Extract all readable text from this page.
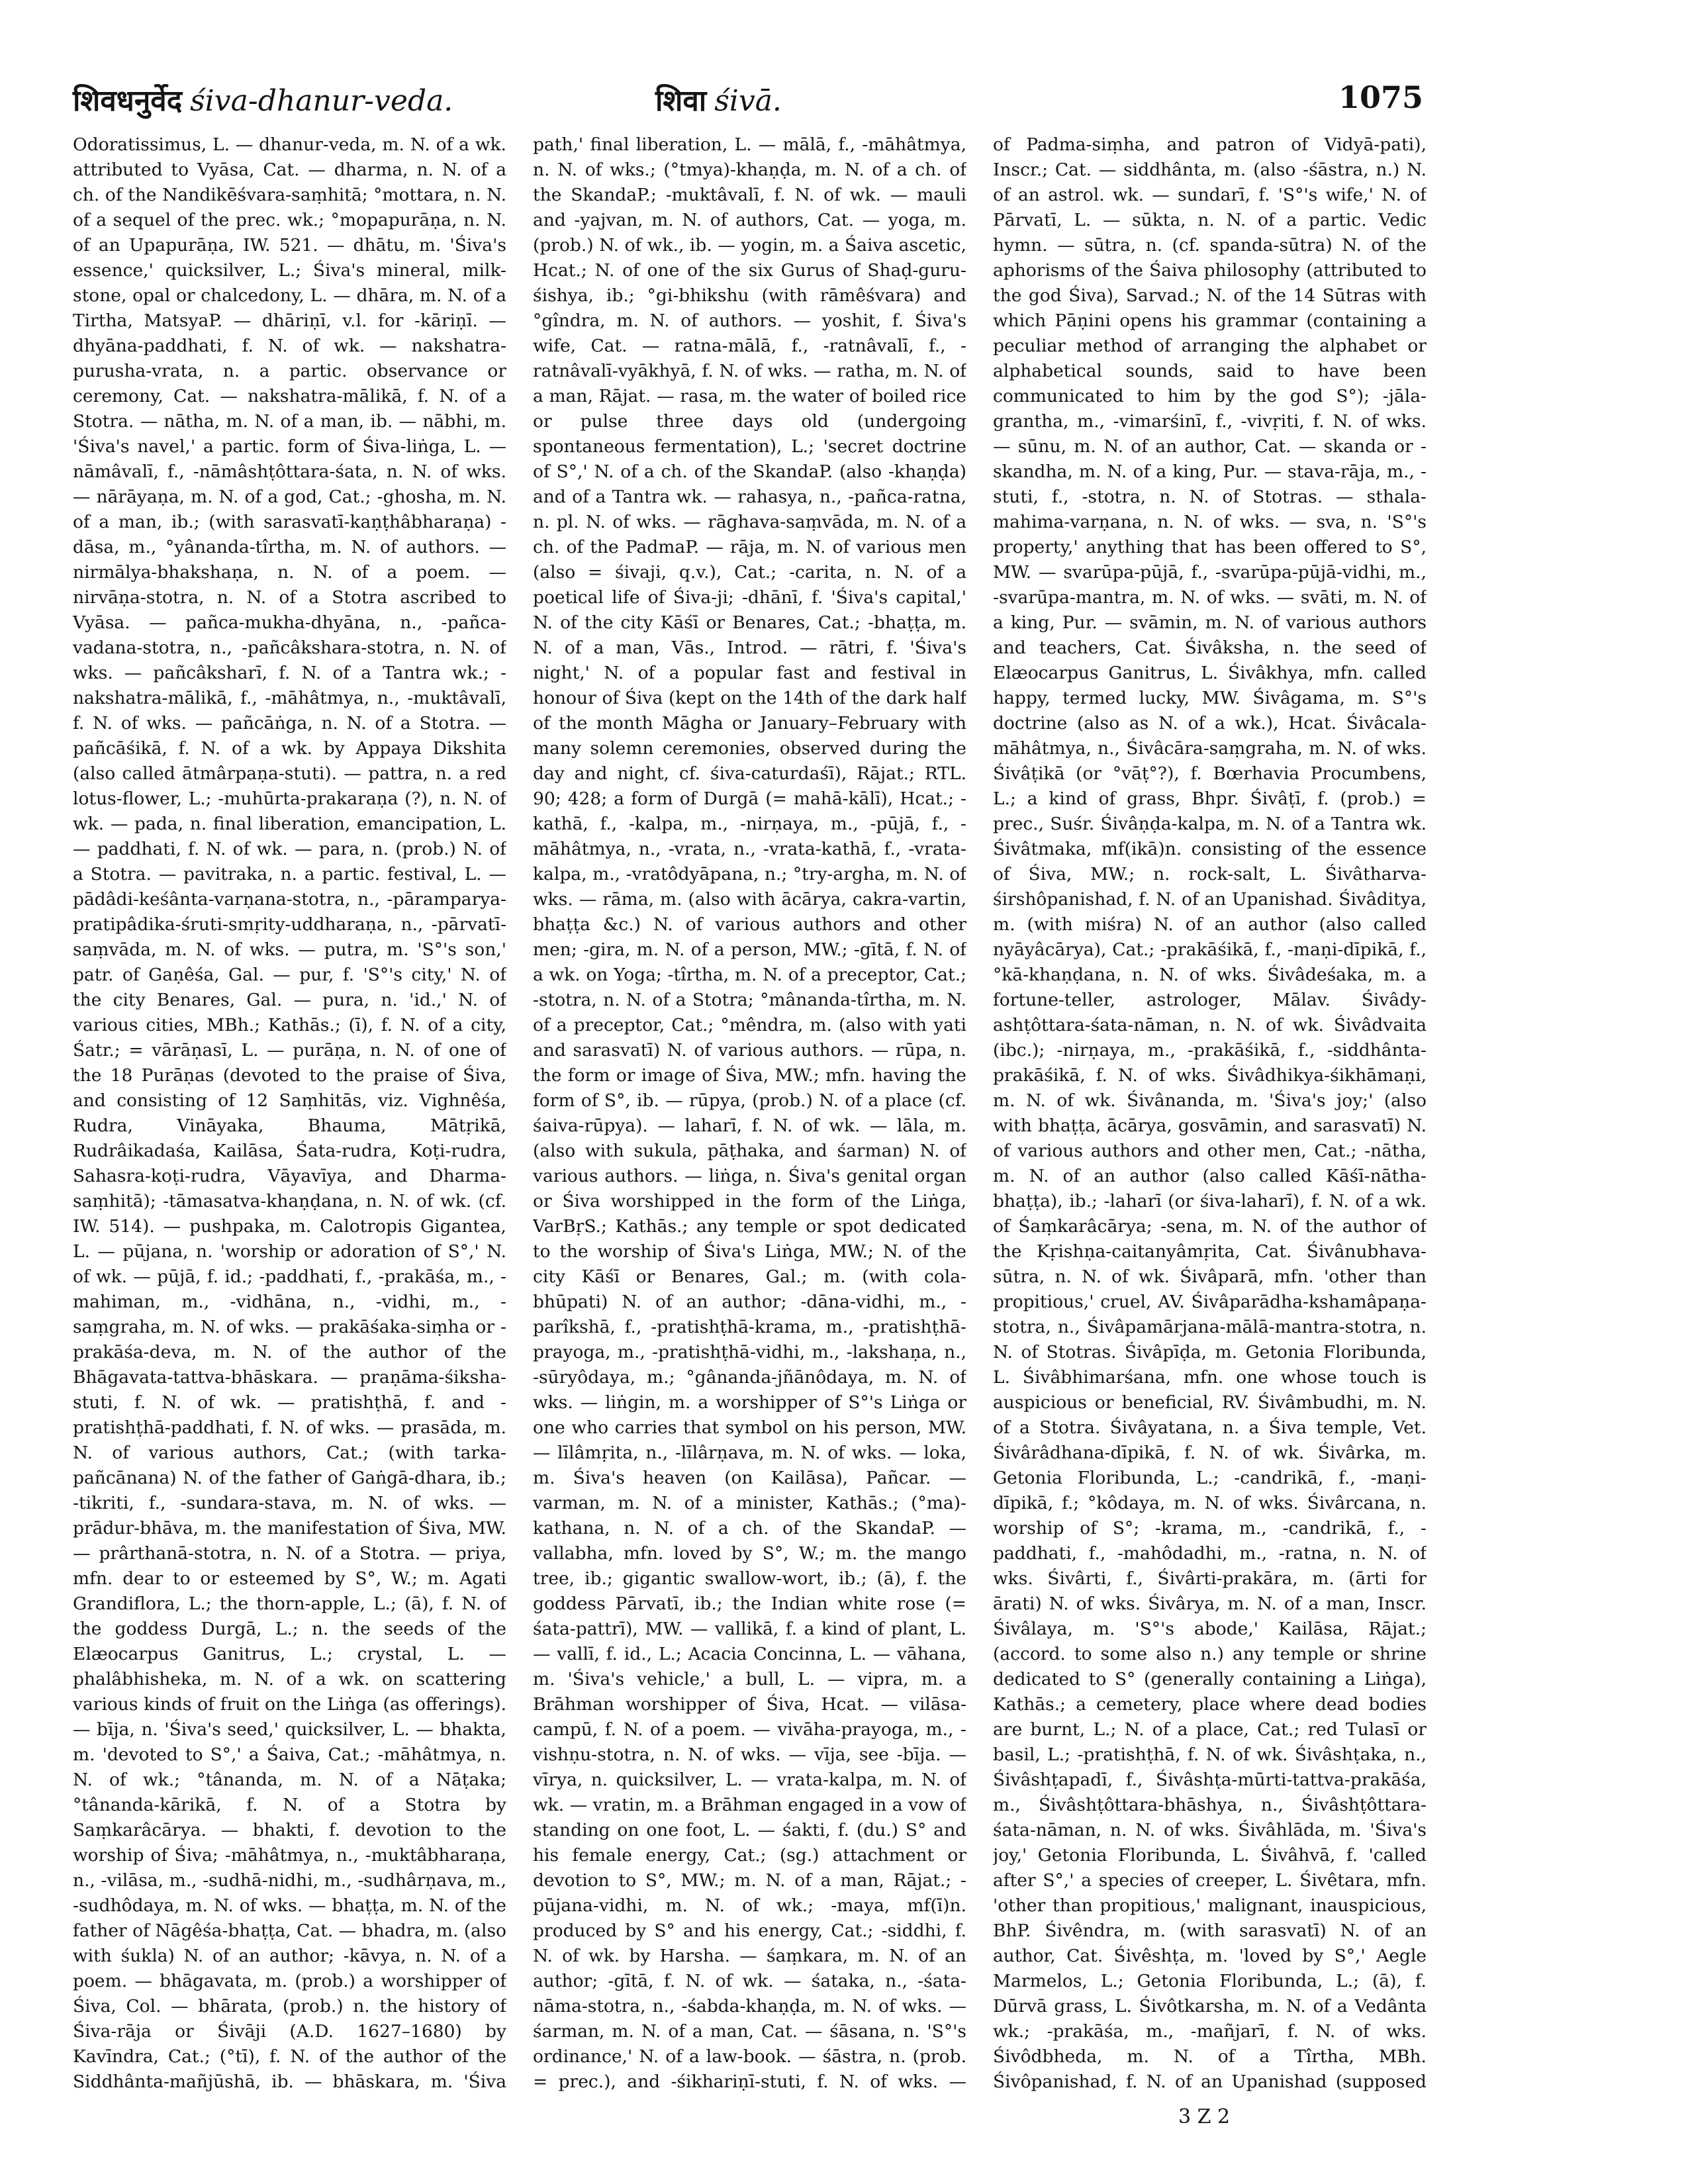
शिवधनुर्वेद śiva-dhanur-veda.	शिवा śivā.	1075

Odoratissimus, L. — dhanur-veda, m. N. of a wk. attributed to Vyāsa, Cat. — dharma, n. N. of a ch. of the Nandikēśvara-saṃhitā; °mottara, n. N. of a sequel of the prec. wk.; °mopapurāṇa, n. N. of an Upapurāṇa, IW. 521. — dhātu, m. 'Śiva's essence,' quicksilver, L.; Śiva's mineral, milk-stone, opal or chalcedony, L. — dhāra, m. N. of a Tirtha, MatsyaP. — dhāriṇī, v.l. for -kāriṇī. — dhyāna-paddhati, f. N. of wk. — nakshatra-purusha-vrata, n. a partic. observance or ceremony, Cat. — nakshatra-mālikā, f. N. of a Stotra. — nātha, m. N. of a man, ib. — nābhi, m. 'Śiva's navel,' a partic. form of Śiva-liṅga, L. — nāmâvalī, f., -nāmâshṭôttara-śata, n. N. of wks. — nārāyaṇa, m. N. of a god, Cat.; -ghosha, m. N. of a man, ib.; (with sarasvatī-kaṇṭhâbharaṇa) -dāsa, m., °yânanda-tîrtha, m. N. of authors. — nirmālya-bhakshaṇa, n. N. of a poem. — nirvāṇa-stotra, n. N. of a Stotra ascribed to Vyāsa. — pañca-mukha-dhyāna, n., -pañca-vadana-stotra, n., -pañcâkshara-stotra, n. N. of wks. — pañcâksharī, f. N. of a Tantra wk.; -nakshatra-mālikā, f., -māhâtmya, n., -muktâvalī, f. N. of wks. — pañcāṅga, n. N. of a Stotra. — pañcāśikā, f. N. of a wk. by Appaya Dikshita (also called ātmârpaṇa-stuti). — pattra, n. a red lotus-flower, L.; -muhūrta-prakaraṇa (?), n. N. of wk. — pada, n. final liberation, emancipation, L. — paddhati, f. N. of wk. — para, n. (prob.) N. of a Stotra. — pavitraka, n. a partic. festival, L. — pādâdi-keśânta-varṇana-stotra, n., -pāramparya-pratipâdika-śruti-smṛity-uddharaṇa, n., -pārvatī-saṃvāda, m. N. of wks. — putra, m. 'S°'s son,' patr. of Gaṇêśa, Gal. — pur, f. 'S°'s city,' N. of the city Benares, Gal. — pura, n. 'id.,' N. of various cities, MBh.; Kathās.; (ī), f. N. of a city, Śatr.; = vārāṇasī, L. — purāṇa, n. N. of one of the 18 Purāṇas (devoted to the praise of Śiva, and consisting of 12 Saṃhitās, viz. Vighnêśa, Rudra, Vināyaka, Bhauma, Mātṛikā, Rudrâikadaśa, Kailāsa, Śata-rudra, Koṭi-rudra, Sahasra-koṭi-rudra, Vāyavīya, and Dharma-saṃhitā); -tāmasatva-khaṇḍana, n. N. of wk. (cf. IW. 514). — pushpaka, m. Calotropis Gigantea, L. — pūjana, n. 'worship or adoration of S°,' N. of wk. — pūjā, f. id.; -paddhati, f., -prakāśa, m., -mahiman, m., -vidhāna, n., -vidhi, m., -saṃgraha, m. N. of wks. — prakāśaka-siṃha or -prakāśa-deva, m. N. of the author of the Bhāgavata-tattva-bhāskara. — praṇāma-śiksha-stuti, f. N. of wk. — pratishṭhā, f. and -pratishṭhā-paddhati, f. N. of wks. — prasāda, m. N. of various authors, Cat.; (with tarka-pañcānana) N. of the father of Gaṅgā-dhara, ib.; -tikriti, f., -sundara-stava, m. N. of wks. — prādur-bhāva, m. the manifestation of Śiva, MW. — prârthanā-stotra, n. N. of a Stotra. — priya, mfn. dear to or esteemed by S°, W.; m. Agati Grandiflora, L.; the thorn-apple, L.; (ā), f. N. of the goddess Durgā, L.; n. the seeds of the Elæocarpus Ganitrus, L.; crystal, L. — phalâbhisheka, m. N. of a wk. on scattering various kinds of fruit on the Liṅga (as offerings). — bīja, n. 'Śiva's seed,' quicksilver, L. — bhakta, m. 'devoted to S°,' a Śaiva, Cat.; -māhâtmya, n. N. of wk.; °tânanda, m. N. of a Nāṭaka; °tânanda-kārikā, f. N. of a Stotra by Saṃkarâcārya. — bhakti, f. devotion to the worship of Śiva; -māhâtmya, n., -muktâbharaṇa, n., -vilāsa, m., -sudhā-nidhi, m., -sudhârṇava, m., -sudhôdaya, m. N. of wks. — bhaṭṭa, m. N. of the father of Nāgêśa-bhaṭṭa, Cat. — bhadra, m. (also with śukla) N. of an author; -kāvya, n. N. of a poem. — bhāgavata, m. (prob.) a worshipper of Śiva, Col. — bhārata, (prob.) n. the history of Śiva-rāja or Śivāji (A.D. 1627–1680) by Kavīndra, Cat.; (°tī), f. N. of the author of the Siddhânta-mañjūshā, ib. — bhāskara, m. 'Śiva

path,' final liberation, L. — mālā, f., -māhâtmya, n. N. of wks.; (°tmya)-khaṇḍa, m. N. of a ch. of the SkandaP.; -muktâvalī, f. N. of wk. — mauli and -yajvan, m. N. of authors, Cat. — yoga, m. (prob.) N. of wk., ib. — yogin, m. a Śaiva ascetic, Hcat.; N. of one of the six Gurus of Shaḍ-guru-śishya, ib.; °gi-bhikshu (with rāmêśvara) and °gîndra, m. N. of authors. — yoshit, f. Śiva's wife, Cat. — ratna-mālā, f., -ratnâvalī, f., -ratnâvalī-vyākhyā, f. N. of wks. — ratha, m. N. of a man, Rājat. — rasa, m. the water of boiled rice or pulse three days old (undergoing spontaneous fermentation), L.; 'secret doctrine of S°,' N. of a ch. of the SkandaP. (also -khaṇḍa) and of a Tantra wk. — rahasya, n., -pañca-ratna, n. pl. N. of wks. — rāghava-saṃvāda, m. N. of a ch. of the PadmaP. — rāja, m. N. of various men (also = śivaji, q.v.), Cat.; -carita, n. N. of a poetical life of Śiva-ji; -dhānī, f. 'Śiva's capital,' N. of the city Kāśī or Benares, Cat.; -bhaṭṭa, m. N. of a man, Vās., Introd. — rātri, f. 'Śiva's night,' N. of a popular fast and festival in honour of Śiva (kept on the 14th of the dark half of the month Māgha or January–February with many solemn ceremonies, observed during the day and night, cf. śiva-caturdaśī), Rājat.; RTL. 90; 428; a form of Durgā (= mahā-kālī), Hcat.; -kathā, f., -kalpa, m., -nirṇaya, m., -pūjā, f., -māhâtmya, n., -vrata, n., -vrata-kathā, f., -vrata-kalpa, m., -vratôdyāpana, n.; °try-argha, m. N. of wks. — rāma, m. (also with ācārya, cakra-vartin, bhaṭṭa &c.) N. of various authors and other men; -gira, m. N. of a person, MW.; -gītā, f. N. of a wk. on Yoga; -tîrtha, m. N. of a preceptor, Cat.; -stotra, n. N. of a Stotra; °mânanda-tîrtha, m. N. of a preceptor, Cat.; °mêndra, m. (also with yati and sarasvatī) N. of various authors. — rūpa, n. the form or image of Śiva, MW.; mfn. having the form of S°, ib. — rūpya, (prob.) N. of a place (cf. śaiva-rūpya). — laharī, f. N. of wk. — lāla, m. (also with sukula, pāṭhaka, and śarman) N. of various authors. — liṅga, n. Śiva's genital organ or Śiva worshipped in the form of the Liṅga, VarBṛS.; Kathās.; any temple or spot dedicated to the worship of Śiva's Liṅga, MW.; N. of the city Kāśī or Benares, Gal.; m. (with cola-bhūpati) N. of an author; -dāna-vidhi, m., -parîkshā, f., -pratishṭhā-krama, m., -pratishṭhā-prayoga, m., -pratishṭhā-vidhi, m., -lakshaṇa, n., -sūryôdaya, m.; °gânanda-jñānôdaya, m. N. of wks. — liṅgin, m. a worshipper of S°'s Liṅga or one who carries that symbol on his person, MW. — līlâmṛita, n., -līlârṇava, m. N. of wks. — loka, m. Śiva's heaven (on Kailāsa), Pañcar. — varman, m. N. of a minister, Kathās.; (°ma)-kathana, n. N. of a ch. of the SkandaP. — vallabha, mfn. loved by S°, W.; m. the mango tree, ib.; gigantic swallow-wort, ib.; (ā), f. the goddess Pārvatī, ib.; the Indian white rose (= śata-pattrī), MW. — vallikā, f. a kind of plant, L. — vallī, f. id., L.; Acacia Concinna, L. — vāhana, m. 'Śiva's vehicle,' a bull, L. — vipra, m. a Brāhman worshipper of Śiva, Hcat. — vilāsa-campū, f. N. of a poem. — vivāha-prayoga, m., -vishṇu-stotra, n. N. of wks. — vīja, see -bīja. — vīrya, n. quicksilver, L. — vrata-kalpa, m. N. of wk. — vratin, m. a Brāhman engaged in a vow of standing on one foot, L. — śakti, f. (du.) S° and his female energy, Cat.; (sg.) attachment or devotion to S°, MW.; m. N. of a man, Rājat.; -pūjana-vidhi, m. N. of wk.; -maya, mf(ī)n. produced by S° and his energy, Cat.; -siddhi, f. N. of wk. by Harsha. — śaṃkara, m. N. of an author; -gītā, f. N. of wk. — śataka, n., -śata-nāma-stotra, n., -śabda-khaṇḍa, m. N. of wks. — śarman, m. N. of a man, Cat. — śāsana, n. 'S°'s ordinance,' N. of a law-book. — śāstra, n. (prob. = prec.), and -śikhariṇī-stuti, f. N. of wks. —

of Padma-siṃha, and patron of Vidyā-pati), Inscr.; Cat. — siddhânta, m. (also -śāstra, n.) N. of an astrol. wk. — sundarī, f. 'S°'s wife,' N. of Pārvatī, L. — sūkta, n. N. of a partic. Vedic hymn. — sūtra, n. (cf. spanda-sūtra) N. of the aphorisms of the Śaiva philosophy (attributed to the god Śiva), Sarvad.; N. of the 14 Sūtras with which Pāṇini opens his grammar (containing a peculiar method of arranging the alphabet or alphabetical sounds, said to have been communicated to him by the god S°); -jāla-grantha, m., -vimarśinī, f., -vivṛiti, f. N. of wks. — sūnu, m. N. of an author, Cat. — skanda or -skandha, m. N. of a king, Pur. — stava-rāja, m., -stuti, f., -stotra, n. N. of Stotras. — sthala-mahima-varṇana, n. N. of wks. — sva, n. 'S°'s property,' anything that has been offered to S°, MW. — svarūpa-pūjā, f., -svarūpa-pūjā-vidhi, m., -svarūpa-mantra, m. N. of wks. — svāti, m. N. of a king, Pur. — svāmin, m. N. of various authors and teachers, Cat. Śivâksha, n. the seed of Elæocarpus Ganitrus, L. Śivâkhya, mfn. called happy, termed lucky, MW. Śivâgama, m. S°'s doctrine (also as N. of a wk.), Hcat. Śivâcala-māhâtmya, n., Śivâcāra-saṃgraha, m. N. of wks. Śivâṭikā (or °vāṭ°?), f. Bœrhavia Procumbens, L.; a kind of grass, Bhpr. Śivâṭī, f. (prob.) = prec., Suśr. Śivâṇḍa-kalpa, m. N. of a Tantra wk. Śivâtmaka, mf(ikā)n. consisting of the essence of Śiva, MW.; n. rock-salt, L. Śivâtharva-śirshôpanishad, f. N. of an Upanishad. Śivâditya, m. (with miśra) N. of an author (also called nyāyâcārya), Cat.; -prakāśikā, f., -maṇi-dīpikā, f., °kā-khaṇḍana, n. N. of wks. Śivâdeśaka, m. a fortune-teller, astrologer, Mālav. Śivâdy-ashṭôttara-śata-nāman, n. N. of wk. Śivâdvaita (ibc.); -nirṇaya, m., -prakāśikā, f., -siddhânta-prakāśikā, f. N. of wks. Śivâdhikya-śikhāmaṇi, m. N. of wk. Śivânanda, m. 'Śiva's joy;' (also with bhaṭṭa, ācārya, gosvāmin, and sarasvatī) N. of various authors and other men, Cat.; -nātha, m. N. of an author (also called Kāśī-nātha-bhaṭṭa), ib.; -laharī (or śiva-laharī), f. N. of a wk. of Śaṃkarâcārya; -sena, m. N. of the author of the Kṛishṇa-caitanyâmṛita, Cat. Śivânubhava-sūtra, n. N. of wk. Śivâparā, mfn. 'other than propitious,' cruel, AV. Śivâparādha-kshamâpaṇa-stotra, n., Śivâpamārjana-mālā-mantra-stotra, n. N. of Stotras. Śivâpīḍa, m. Getonia Floribunda, L. Śivâbhimarśana, mfn. one whose touch is auspicious or beneficial, RV. Śivâmbudhi, m. N. of a Stotra. Śivâyatana, n. a Śiva temple, Vet. Śivârâdhana-dīpikā, f. N. of wk. Śivârka, m. Getonia Floribunda, L.; -candrikā, f., -maṇi-dīpikā, f.; °kôdaya, m. N. of wks. Śivârcana, n. worship of S°; -krama, m., -candrikā, f., -paddhati, f., -mahôdadhi, m., -ratna, n. N. of wks. Śivârti, f., Śivârti-prakāra, m. (ārti for ārati) N. of wks. Śivârya, m. N. of a man, Inscr. Śivâlaya, m. 'S°'s abode,' Kailāsa, Rājat.; (accord. to some also n.) any temple or shrine dedicated to S° (generally containing a Liṅga), Kathās.; a cemetery, place where dead bodies are burnt, L.; N. of a place, Cat.; red Tulasī or basil, L.; -pratishṭhā, f. N. of wk. Śivâshṭaka, n., Śivâshṭapadī, f., Śivâshṭa-mūrti-tattva-prakāśa, m., Śivâshṭôttara-bhāshya, n., Śivâshṭôttara-śata-nāman, n. N. of wks. Śivâhlāda, m. 'Śiva's joy,' Getonia Floribunda, L. Śivâhvā, f. 'called after S°,' a species of creeper, L. Śivêtara, mfn. 'other than propitious,' malignant, inauspicious, BhP. Śivêndra, m. (with sarasvatī) N. of an author, Cat. Śivêshṭa, m. 'loved by S°,' Aegle Marmelos, L.; Getonia Floribunda, L.; (ā), f. Dūrvā grass, L. Śivôtkarsha, m. N. of a Vedânta wk.; -prakāśa, m., -mañjarī, f. N. of wks. Śivôdbheda, m. N. of a Tîrtha, MBh. Śivôpanishad, f. N. of an Upanishad (supposed

3 Z 2
